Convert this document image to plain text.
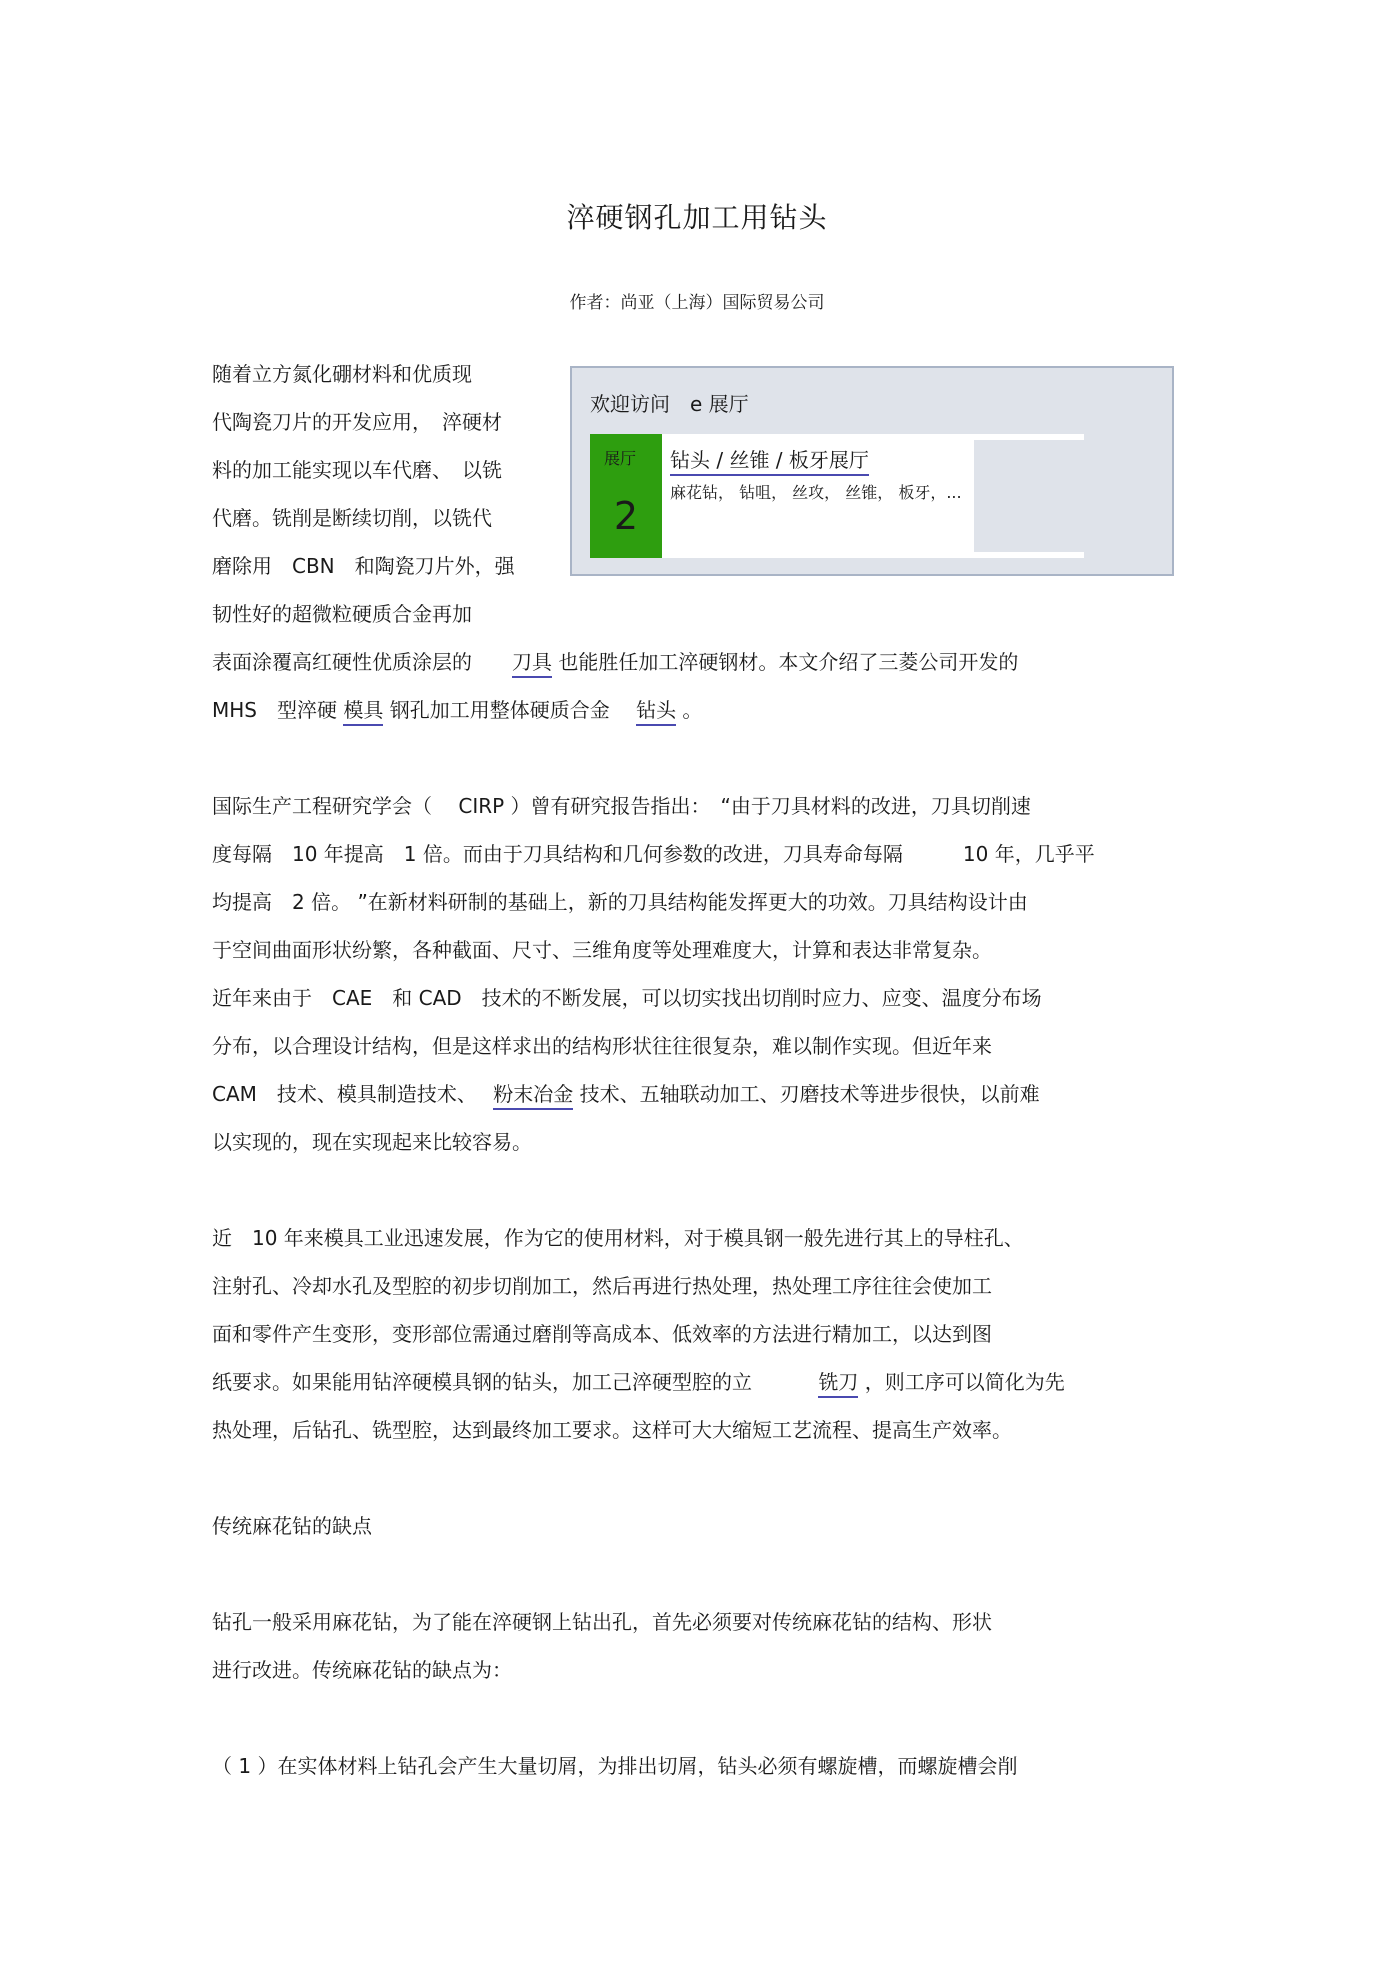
淬硬钢孔加工用钻头
作者：尚亚（上海）国际贸易公司
随着立方氮化硼材料和优质现
代陶瓷刀片的开发应用，　淬硬材
料的加工能实现以车代磨、　以铣
代磨。铣削是断续切削，以铣代
磨除用　CBN　和陶瓷刀片外，强
韧性好的超微粒硬质合金再加
欢迎访问　e 展厅
展厅
2
钻头 / 丝锥 / 板牙展厅
麻花钻， 钻咀， 丝攻， 丝锥， 板牙，...
表面涂覆高红硬性优质涂层的　　刀具 也能胜任加工淬硬钢材。本文介绍了三菱公司开发的
MHS　型淬硬 模具 钢孔加工用整体硬质合金　 钻头 。
国际生产工程研究学会（　 CIRP ）曾有研究报告指出：　“由于刀具材料的改进，刀具切削速
度每隔　10 年提高　1 倍。而由于刀具结构和几何参数的改进，刀具寿命每隔　　　10 年，几乎平
均提高　2 倍。 ”在新材料研制的基础上，新的刀具结构能发挥更大的功效。刀具结构设计由
于空间曲面形状纷繁，各种截面、尺寸、三维角度等处理难度大，计算和表达非常复杂。
近年来由于　CAE　和 CAD　技术的不断发展，可以切实找出切削时应力、应变、温度分布场
分布，以合理设计结构，但是这样求出的结构形状往往很复杂，难以制作实现。但近年来
CAM　技术、模具制造技术、　 粉末冶金 技术、五轴联动加工、刃磨技术等进步很快，以前难
以实现的，现在实现起来比较容易。
近　10 年来模具工业迅速发展，作为它的使用材料，对于模具钢一般先进行其上的导柱孔、
注射孔、冷却水孔及型腔的初步切削加工，然后再进行热处理，热处理工序往往会使加工
面和零件产生变形，变形部位需通过磨削等高成本、低效率的方法进行精加工，以达到图
纸要求。如果能用钻淬硬模具钢的钻头，加工己淬硬型腔的立　　　 铣刀 ，则工序可以简化为先
热处理，后钻孔、铣型腔，达到最终加工要求。这样可大大缩短工艺流程、提高生产效率。
传统麻花钻的缺点
钻孔一般采用麻花钻，为了能在淬硬钢上钻出孔，首先必须要对传统麻花钻的结构、形状
进行改进。传统麻花钻的缺点为：
（ 1 ）在实体材料上钻孔会产生大量切屑，为排出切屑，钻头必须有螺旋槽，而螺旋槽会削
